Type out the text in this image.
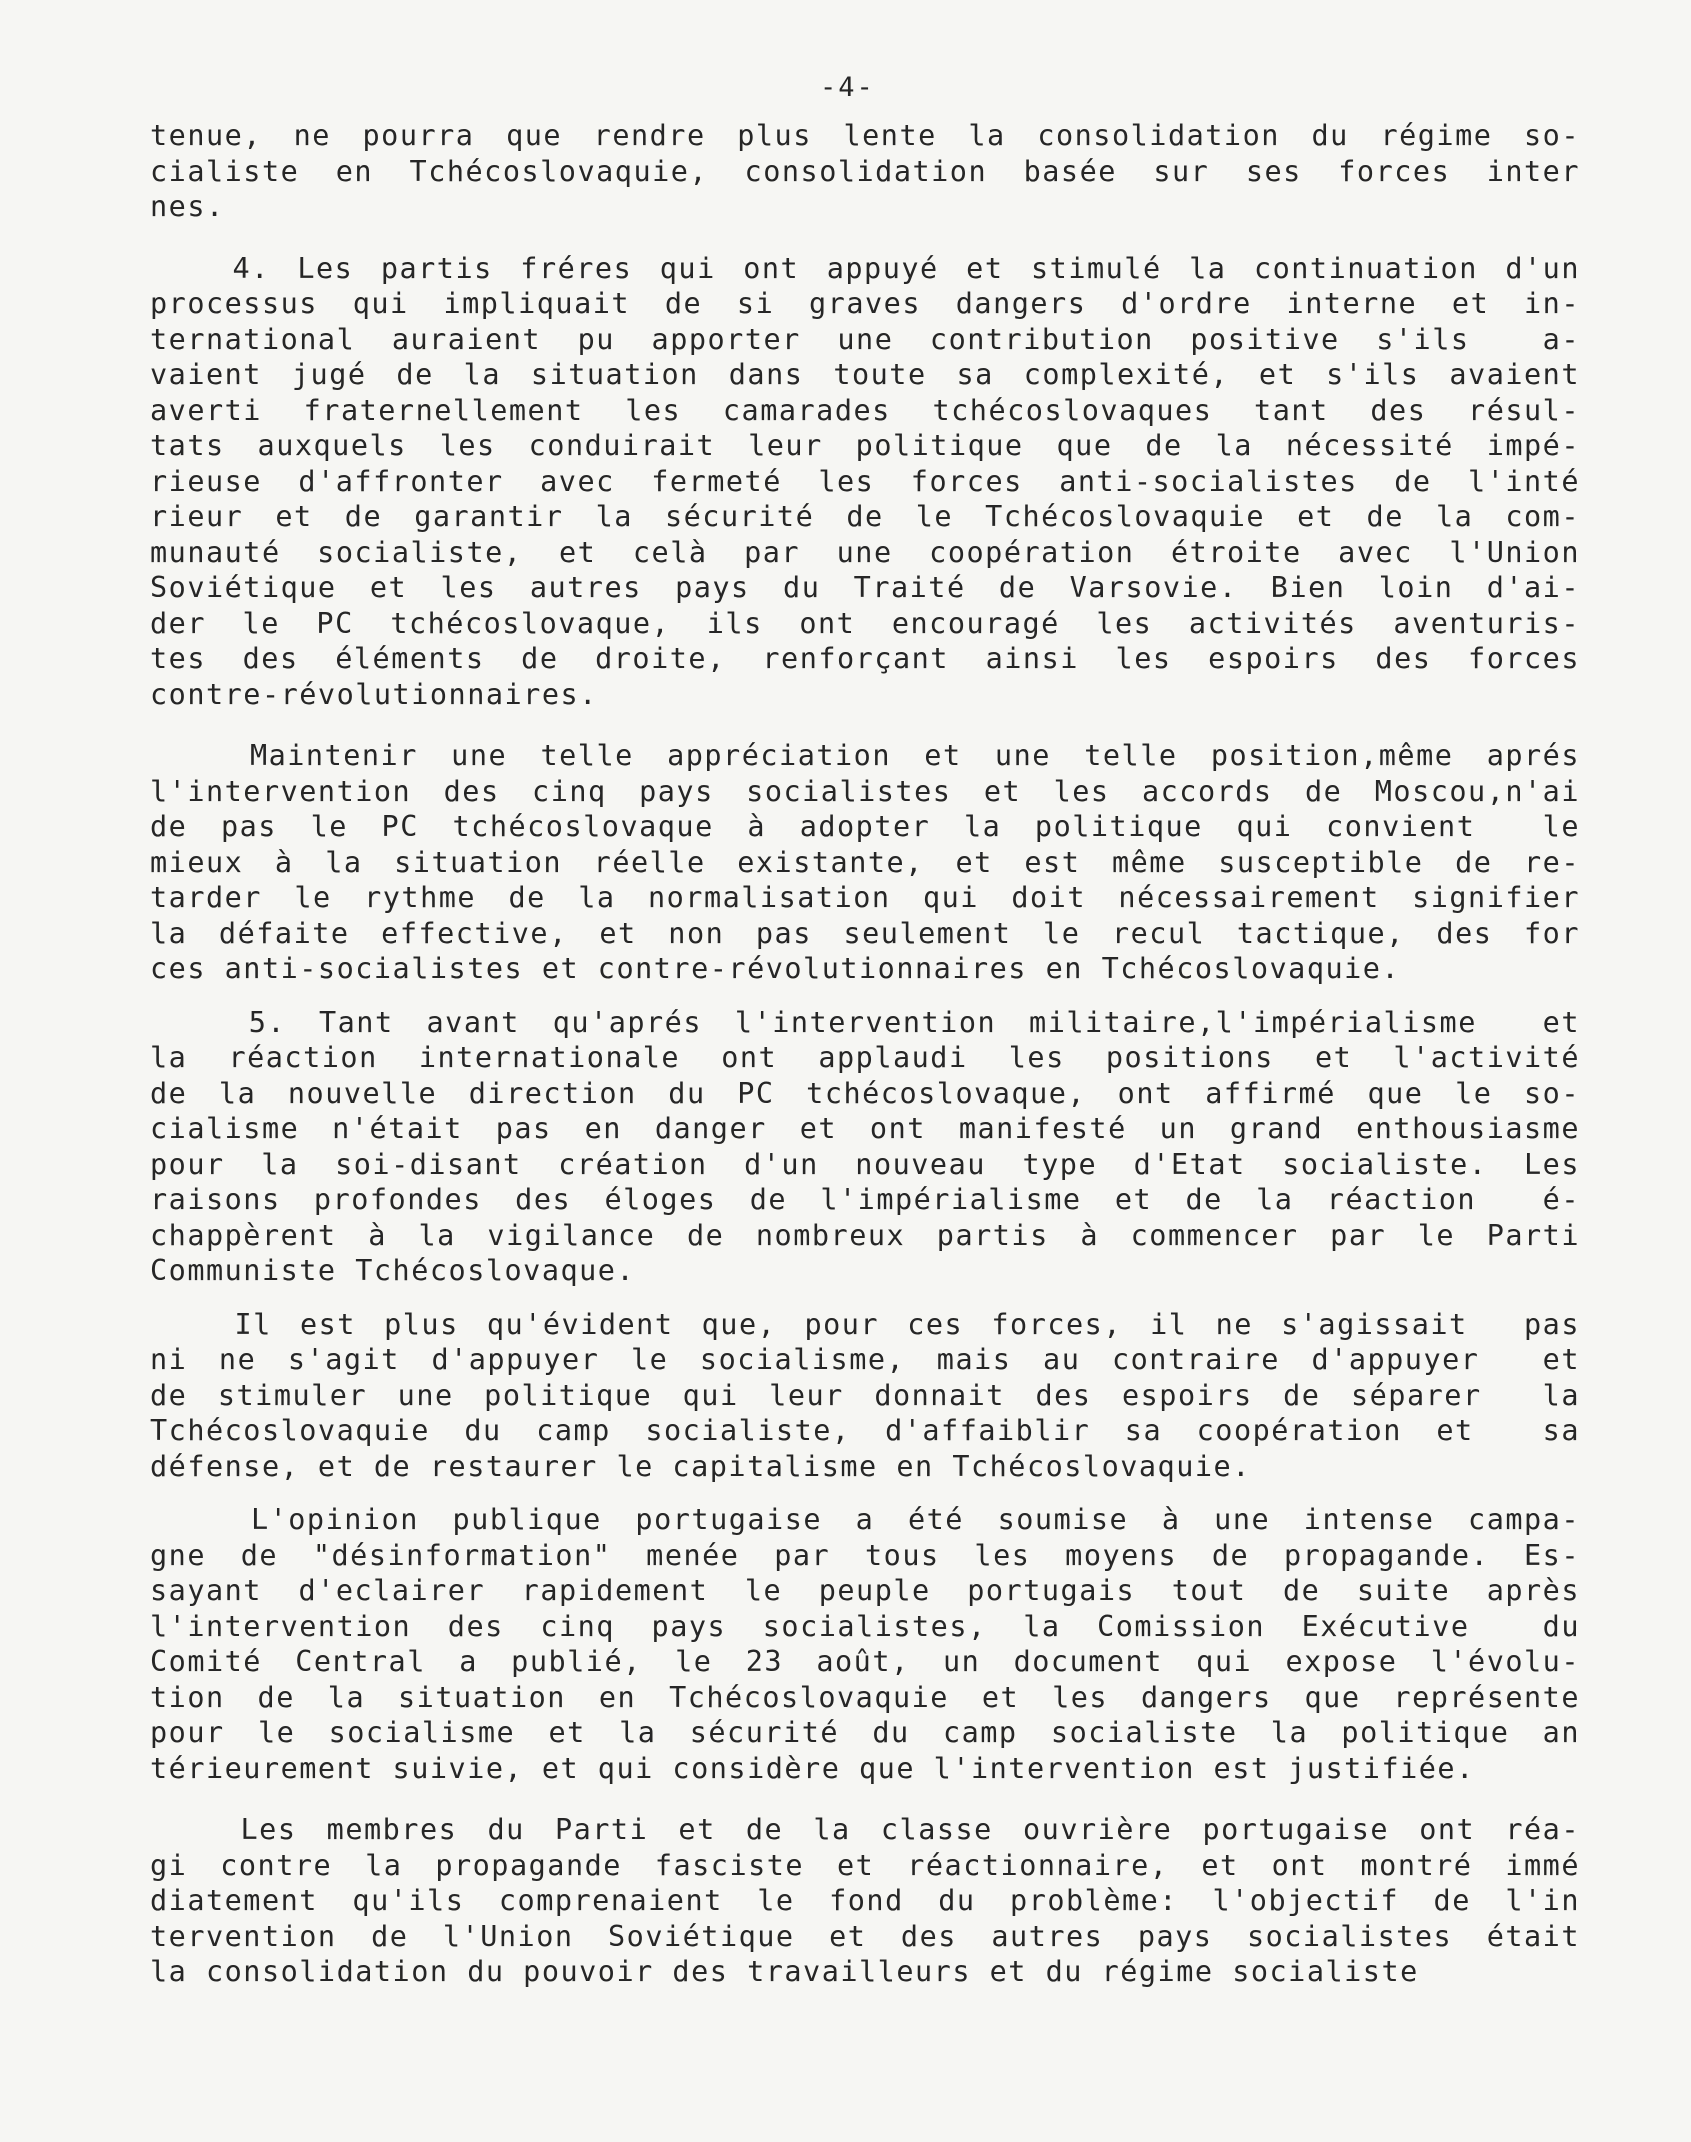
-4-
tenue, ne pourra que rendre plus lente la consolidation du régime so-
cialiste en Tchécoslovaquie, consolidation basée sur ses forces inter
nes.
4. Les partis fréres qui ont appuyé et stimulé la continuation d'un
processus qui impliquait de si graves dangers d'ordre interne et in-
ternational auraient pu apporter une contribution positive s'ils  a-
vaient jugé de la situation dans toute sa complexité, et s'ils avaient
averti fraternellement les camarades tchécoslovaques tant des résul-
tats auxquels les conduirait leur politique que de la nécessité impé-
rieuse d'affronter avec fermeté les forces anti-socialistes de l'inté
rieur et de garantir la sécurité de le Tchécoslovaquie et de la com-
munauté socialiste, et celà par une coopération étroite avec l'Union
Soviétique et les autres pays du Traité de Varsovie. Bien loin d'ai-
der le PC tchécoslovaque, ils ont encouragé les activités aventuris-
tes des éléments de droite, renforçant ainsi les espoirs des forces
contre-révolutionnaires.
Maintenir une telle appréciation et une telle position,même aprés
l'intervention des cinq pays socialistes et les accords de Moscou,n'ai
de pas le PC tchécoslovaque à adopter la politique qui convient  le
mieux à la situation réelle existante, et est même susceptible de re-
tarder le rythme de la normalisation qui doit nécessairement signifier
la défaite effective, et non pas seulement le recul tactique, des for
ces anti-socialistes et contre-révolutionnaires en Tchécoslovaquie.
5. Tant avant qu'aprés l'intervention militaire,l'impérialisme  et
la réaction internationale ont applaudi les positions et l'activité
de la nouvelle direction du PC tchécoslovaque, ont affirmé que le so-
cialisme n'était pas en danger et ont manifesté un grand enthousiasme
pour la soi-disant création d'un nouveau type d'Etat socialiste. Les
raisons profondes des éloges de l'impérialisme et de la réaction  é-
chappèrent à la vigilance de nombreux partis à commencer par le Parti
Communiste Tchécoslovaque.
Il est plus qu'évident que, pour ces forces, il ne s'agissait  pas
ni ne s'agit d'appuyer le socialisme, mais au contraire d'appuyer  et
de stimuler une politique qui leur donnait des espoirs de séparer  la
Tchécoslovaquie du camp socialiste, d'affaiblir sa coopération et  sa
défense, et de restaurer le capitalisme en Tchécoslovaquie.
L'opinion publique portugaise a été soumise à une intense campa-
gne de "désinformation" menée par tous les moyens de propagande. Es-
sayant d'eclairer rapidement le peuple portugais tout de suite après
l'intervention des cinq pays socialistes, la Comission Exécutive  du
Comité Central a publié, le 23 août, un document qui expose l'évolu-
tion de la situation en Tchécoslovaquie et les dangers que représente
pour le socialisme et la sécurité du camp socialiste la politique an
térieurement suivie, et qui considère que l'intervention est justifiée.
Les membres du Parti et de la classe ouvrière portugaise ont réa-
gi contre la propagande fasciste et réactionnaire, et ont montré immé
diatement qu'ils comprenaient le fond du problème: l'objectif de l'in
tervention de l'Union Soviétique et des autres pays socialistes était
la consolidation du pouvoir des travailleurs et du régime socialiste
